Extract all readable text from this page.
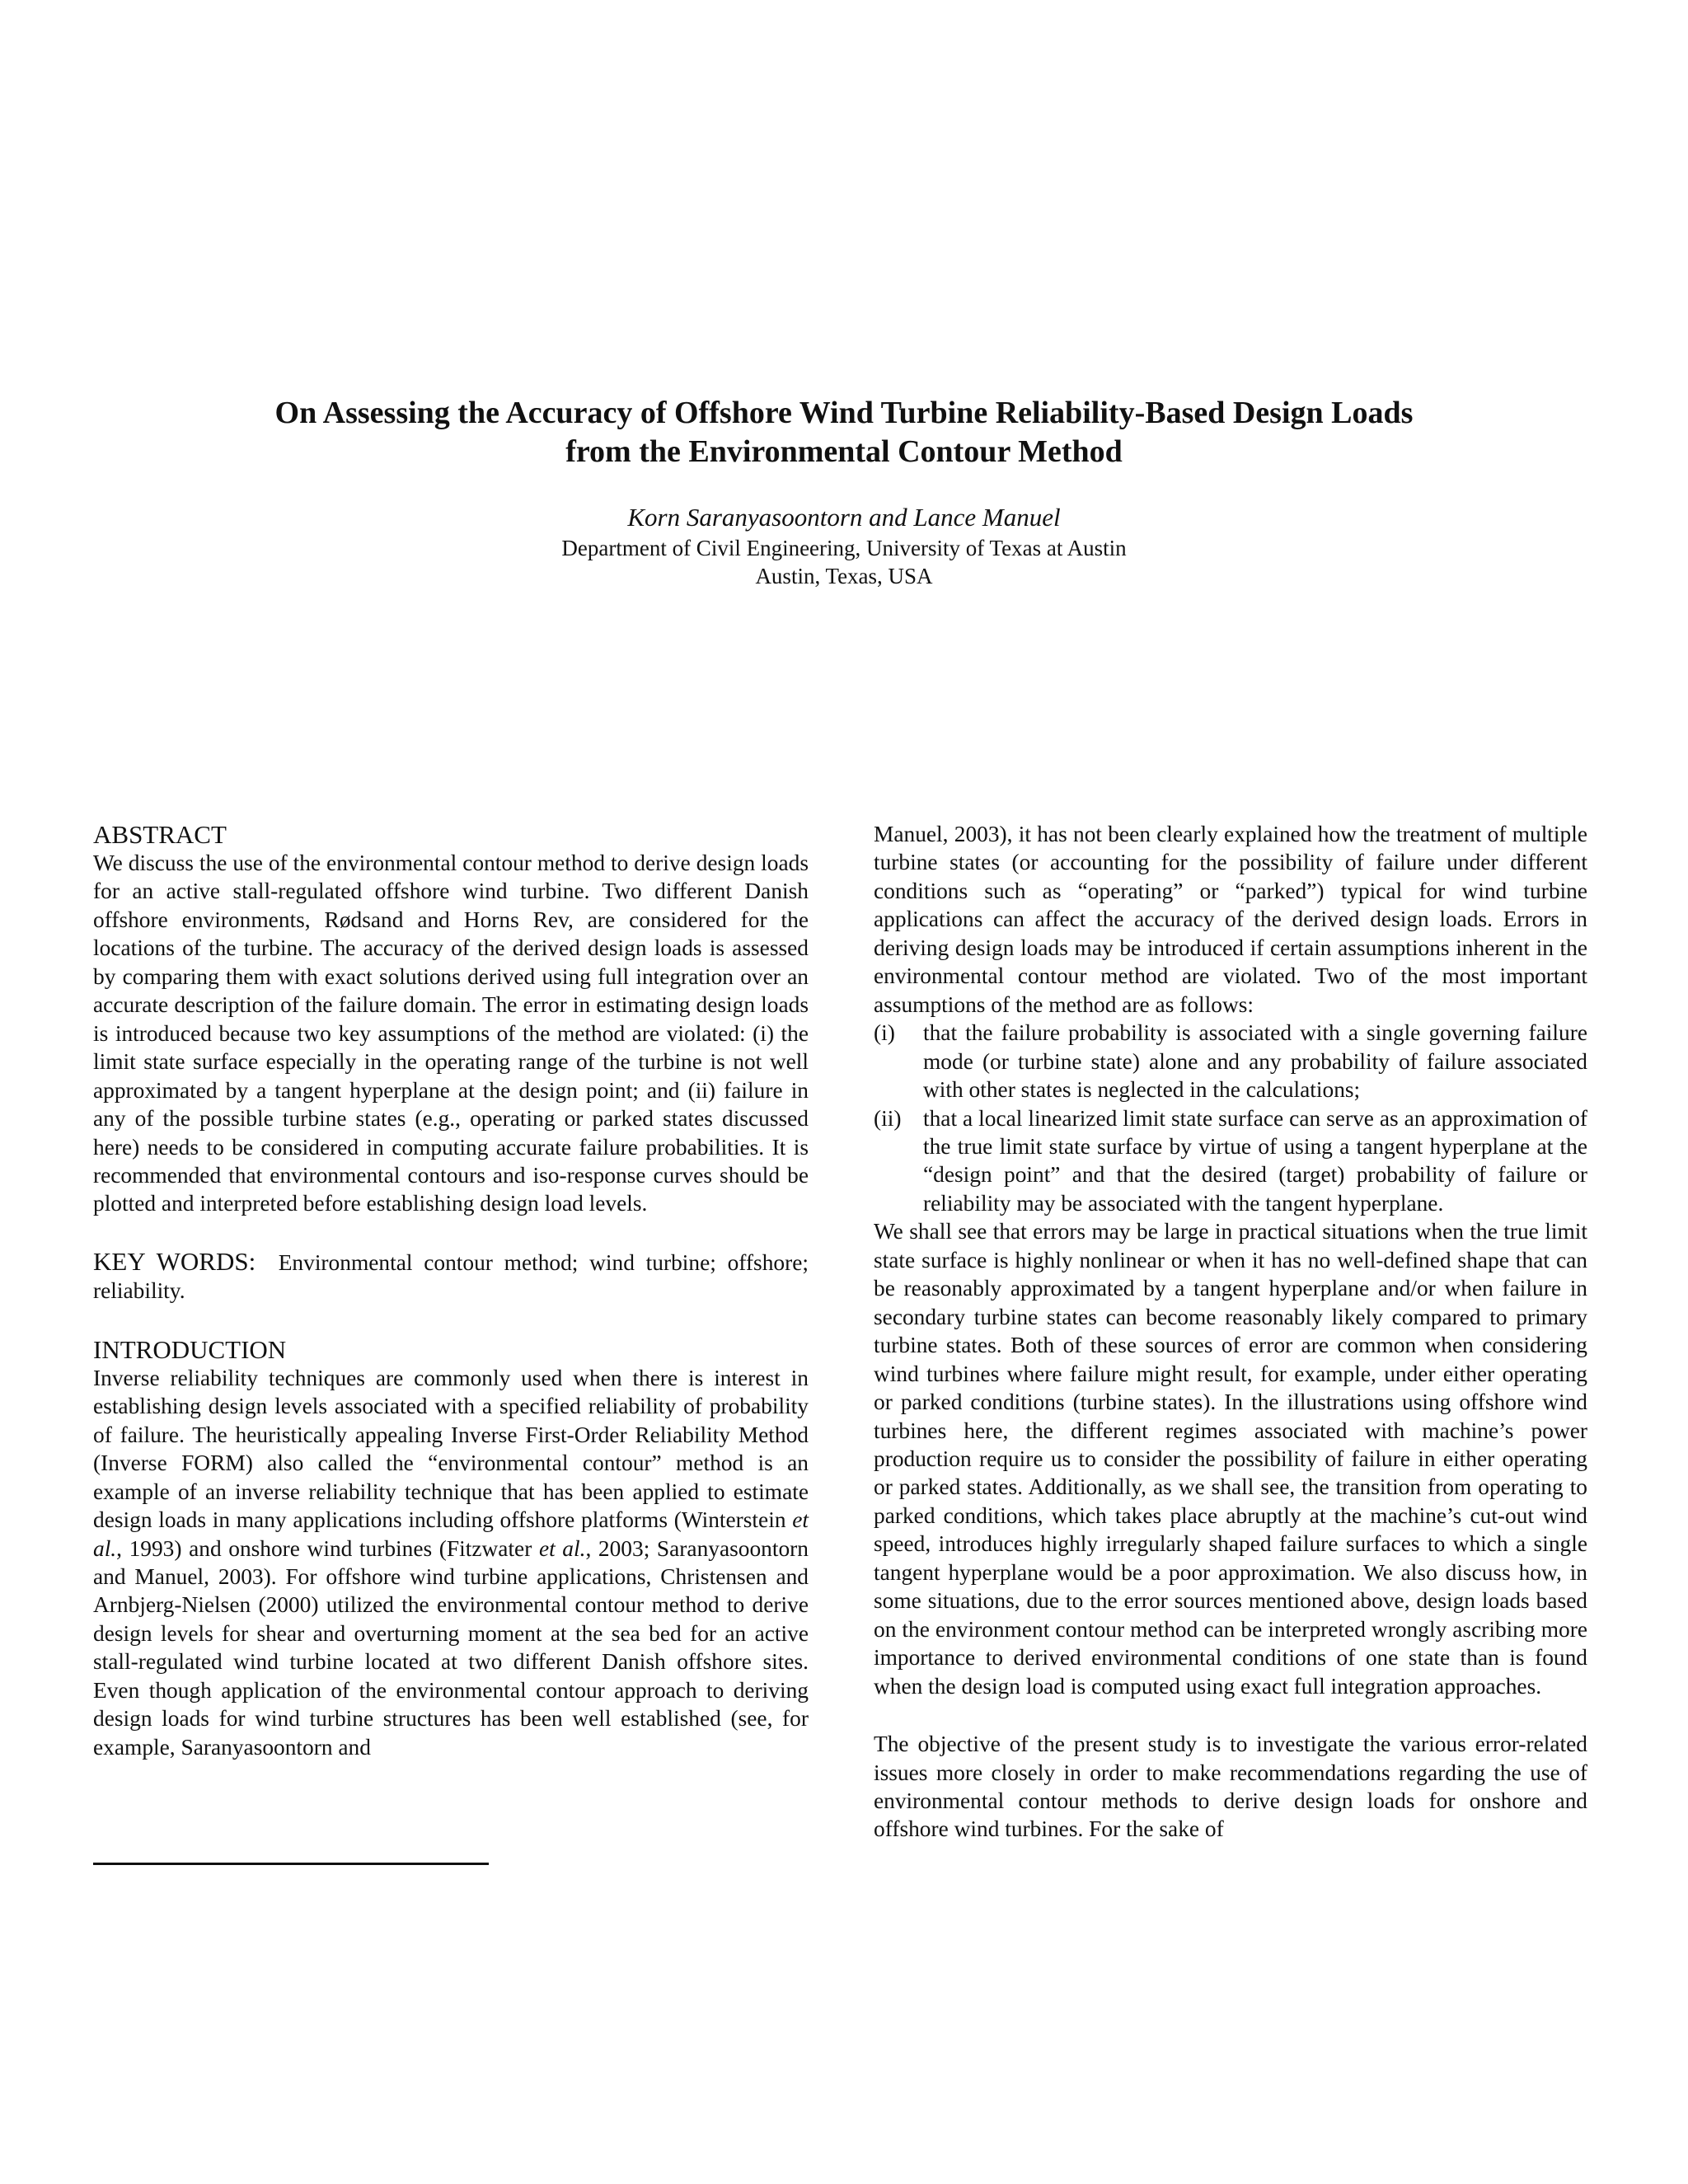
On Assessing the Accuracy of Offshore Wind Turbine Reliability-Based Design Loads
from the Environmental Contour Method
Korn Saranyasoontorn and Lance Manuel
Department of Civil Engineering, University of Texas at Austin
Austin, Texas, USA
ABSTRACT

We discuss the use of the environmental contour method to derive design loads for an active stall-regulated offshore wind turbine. Two different Danish offshore environments, Rødsand and Horns Rev, are considered for the locations of the turbine. The accuracy of the derived design loads is assessed by comparing them with exact solutions derived using full integration over an accurate description of the failure domain. The error in estimating design loads is introduced because two key assumptions of the method are violated: (i) the limit state surface especially in the operating range of the turbine is not well approximated by a tangent hyperplane at the design point; and (ii) failure in any of the possible turbine states (e.g., operating or parked states discussed here) needs to be considered in computing accurate failure probabilities. It is recommended that environmental contours and iso-response curves should be plotted and interpreted before establishing design load levels.

KEY WORDS: Environmental contour method; wind turbine; offshore; reliability.

INTRODUCTION

Inverse reliability techniques are commonly used when there is interest in establishing design levels associated with a specified reliability of probability of failure. The heuristically appealing Inverse First-Order Reliability Method (Inverse FORM) also called the “environmental contour” method is an example of an inverse reliability technique that has been applied to estimate design loads in many applications including offshore platforms (Winterstein et al., 1993) and onshore wind turbines (Fitzwater et al., 2003; Saranyasoontorn and Manuel, 2003). For offshore wind turbine applications, Christensen and Arnbjerg-Nielsen (2000) utilized the environmental contour method to derive design levels for shear and overturning moment at the sea bed for an active stall-regulated wind turbine located at two different Danish offshore sites. Even though application of the environmental contour approach to deriving design loads for wind turbine structures has been well established (see, for example, Saranyasoontorn and

Manuel, 2003), it has not been clearly explained how the treatment of multiple turbine states (or accounting for the possibility of failure under different conditions such as “operating” or “parked”) typical for wind turbine applications can affect the accuracy of the derived design loads. Errors in deriving design loads may be introduced if certain assumptions inherent in the environmental contour method are violated. Two of the most important assumptions of the method are as follows:

(i)	that the failure probability is associated with a single governing failure mode (or turbine state) alone and any probability of failure associated with other states is neglected in the calculations;
(ii) that a local linearized limit state surface can serve as an approximation of the true limit state surface by virtue of using a tangent hyperplane at the “design point” and that the desired (target) probability of failure or reliability may be associated with the tangent hyperplane.

We shall see that errors may be large in practical situations when the true limit state surface is highly nonlinear or when it has no well-defined shape that can be reasonably approximated by a tangent hyperplane and/or when failure in secondary turbine states can become reasonably likely compared to primary turbine states. Both of these sources of error are common when considering wind turbines where failure might result, for example, under either operating or parked conditions (turbine states). In the illustrations using offshore wind turbines here, the different regimes associated with machine’s power production require us to consider the possibility of failure in either operating or parked states. Additionally, as we shall see, the transition from operating to parked conditions, which takes place abruptly at the machine’s cut-out wind speed, introduces highly irregularly shaped failure surfaces to which a single tangent hyperplane would be a poor approximation. We also discuss how, in some situations, due to the error sources mentioned above, design loads based on the environment contour method can be interpreted wrongly ascribing more importance to derived environmental conditions of one state than is found when the design load is computed using exact full integration approaches.

The objective of the present study is to investigate the various error-related issues more closely in order to make recommendations regarding the use of environmental contour methods to derive design loads for onshore and offshore wind turbines. For the sake of
